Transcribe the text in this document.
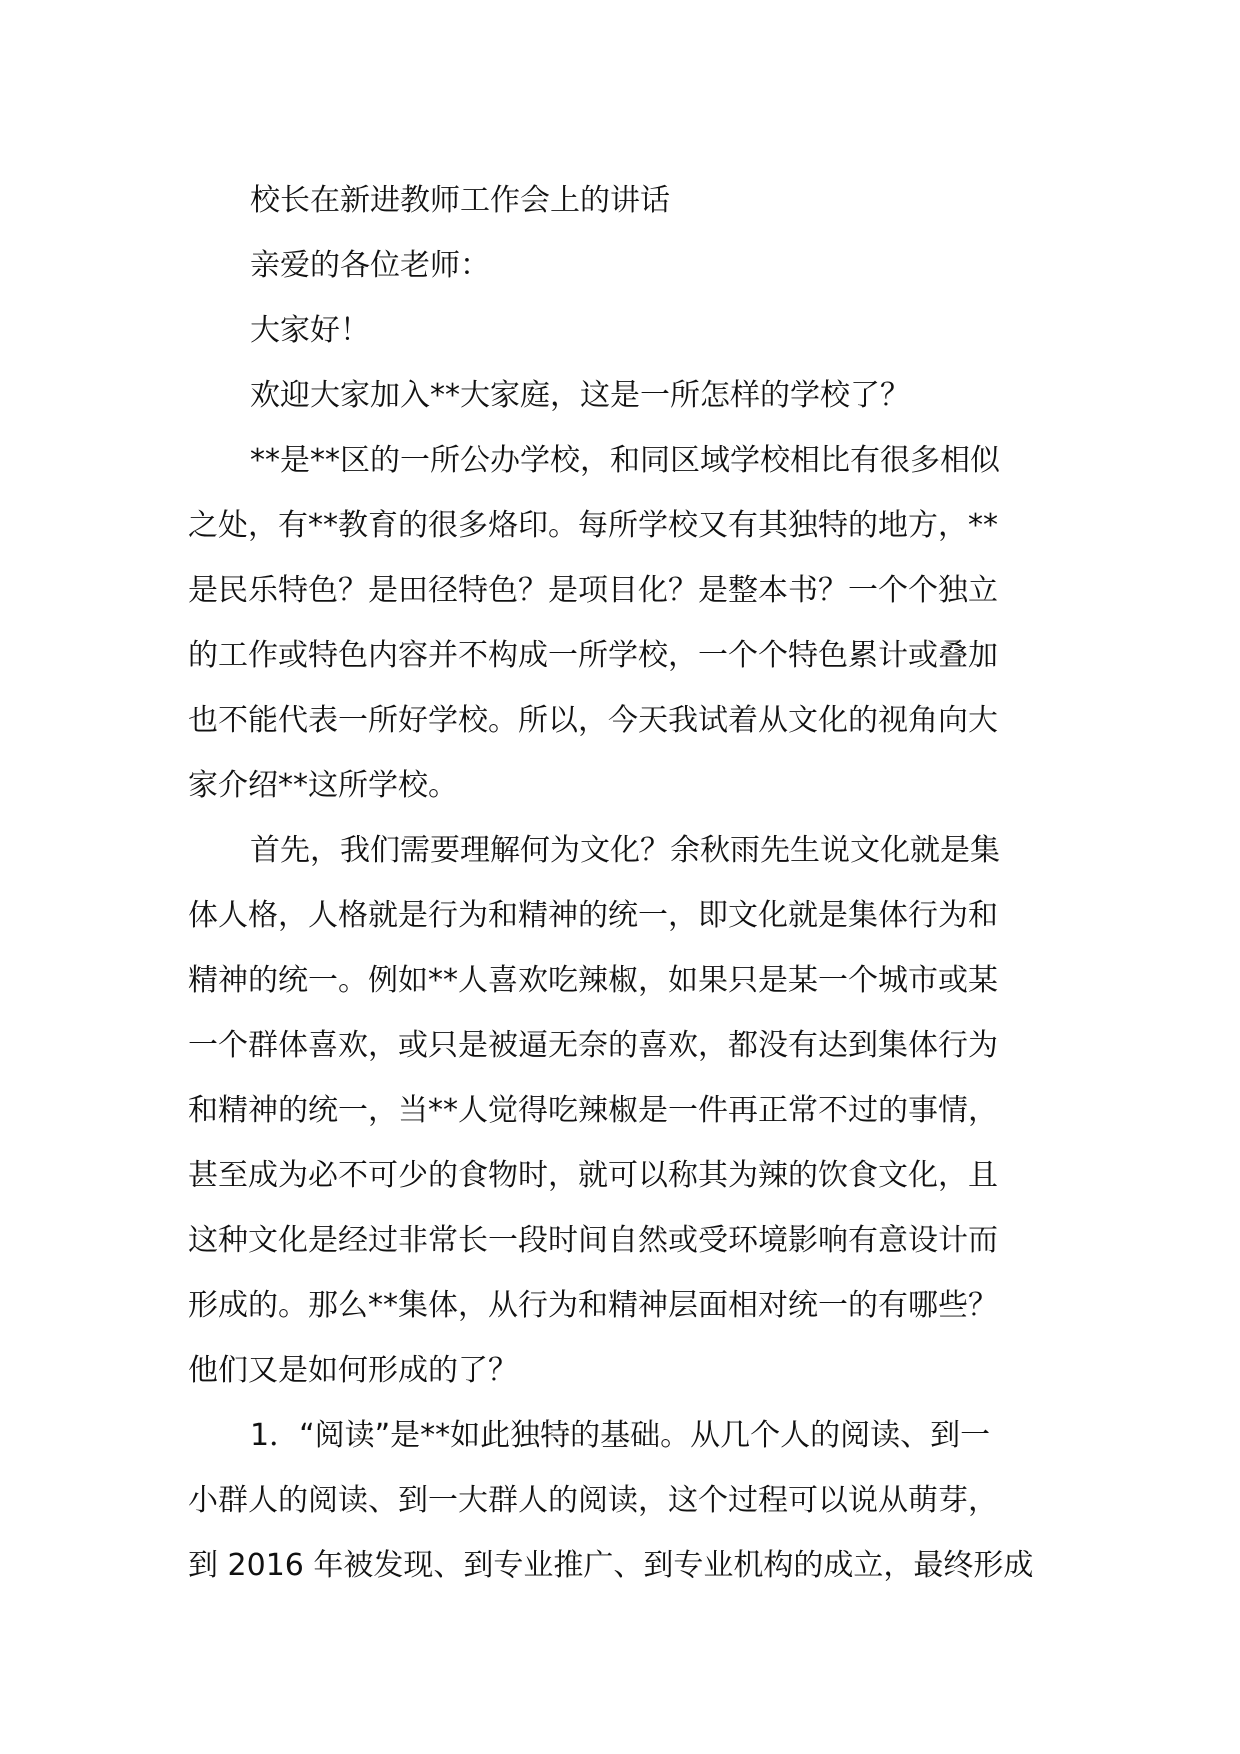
校长在新进教师工作会上的讲话
亲爱的各位老师：
大家好！
欢迎大家加入**大家庭，这是一所怎样的学校了？
**是**区的一所公办学校，和同区域学校相比有很多相似
之处，有**教育的很多烙印。每所学校又有其独特的地方，**
是民乐特色？是田径特色？是项目化？是整本书？一个个独立
的工作或特色内容并不构成一所学校，一个个特色累计或叠加
也不能代表一所好学校。所以，今天我试着从文化的视角向大
家介绍**这所学校。
首先，我们需要理解何为文化？余秋雨先生说文化就是集
体人格，人格就是行为和精神的统一，即文化就是集体行为和
精神的统一。例如**人喜欢吃辣椒，如果只是某一个城市或某
一个群体喜欢，或只是被逼无奈的喜欢，都没有达到集体行为
和精神的统一，当**人觉得吃辣椒是一件再正常不过的事情，
甚至成为必不可少的食物时，就可以称其为辣的饮食文化，且
这种文化是经过非常长一段时间自然或受环境影响有意设计而
形成的。那么**集体，从行为和精神层面相对统一的有哪些？
他们又是如何形成的了？
1．“阅读”是**如此独特的基础。从几个人的阅读、到一
小群人的阅读、到一大群人的阅读，这个过程可以说从萌芽，
到 2016 年被发现、到专业推广、到专业机构的成立，最终形成
